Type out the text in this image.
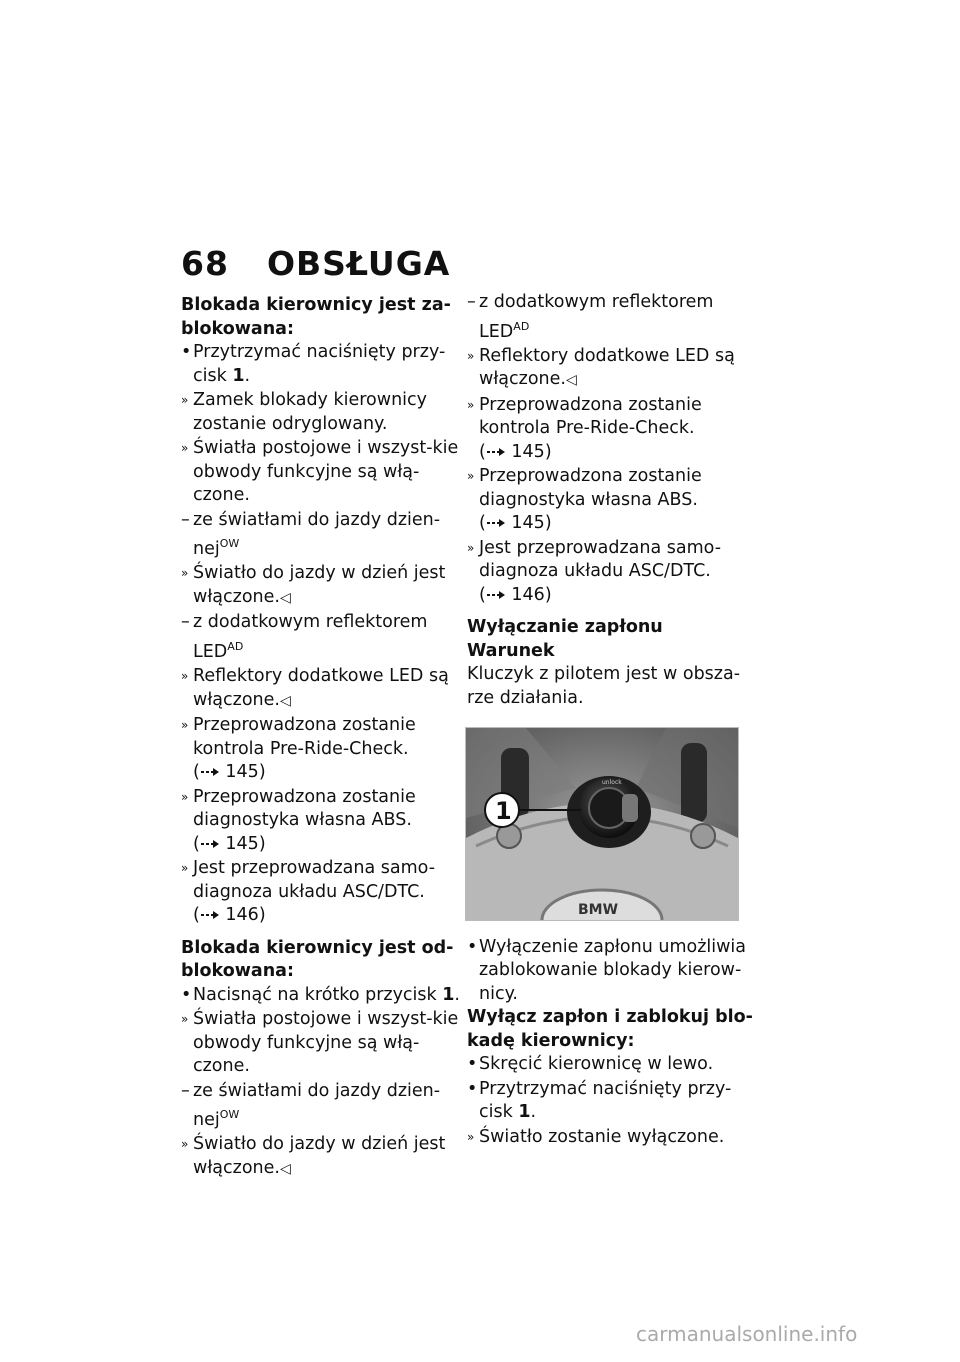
68 OBSŁUGA
Blokada kierownicy jest za-blokowana:
• Przytrzymać naciśnięty przy-cisk 1.
» Zamek blokady kierownicy zostanie odryglowany.
» Światła postojowe i wszyst-kie obwody funkcyjne są włą-czone.
– ze światłami do jazdy dzien-nej$^{OW}$
» Światło do jazdy w dzień jest włączone.◁
– z dodatkowym reflektorem $LED^{AD}$
» Reflektory dodatkowe LED są włączone.◁
» Przeprowadzona zostanie kontrola Pre-Ride-Check.
( 145)
» Przeprowadzona zostanie diagnostyka własna ABS.
( 145)
» Jest przeprowadzana samo-diagnoza układu ASC/DTC.
( 146)
Blokada kierownicy jest od-blokowana:
• Nacisnąć na krótko przycisk 1.
» Światła postojowe i wszyst-kie obwody funkcyjne są włą-czone.
– ze światłami do jazdy dzien-nej$^{OW}$
» Światło do jazdy w dzień jest włączone.◁
– z dodatkowym reflektorem $LED^{AD}$
» Reflektory dodatkowe LED są włączone.◁
» Przeprowadzona zostanie kontrola Pre-Ride-Check.
( 145)
» Przeprowadzona zostanie diagnostyka własna ABS.
( 145)
» Jest przeprowadzana samo-diagnoza układu ASC/DTC.
( 146)
Wyłączanie zapłonu
Warunek
Kluczyk z pilotem jest w obsza-rze działania.
unlock
BMW
1
• Wyłączenie zapłonu umożliwia zablokowanie blokady kierow-nicy.
Wyłącz zapłon i zablokuj blo-kadę kierownicy:
• Skręcić kierownicę w lewo.
• Przytrzymać naciśnięty przy-cisk 1.
» Światło zostanie wyłączone.
carmanualsonline.info
